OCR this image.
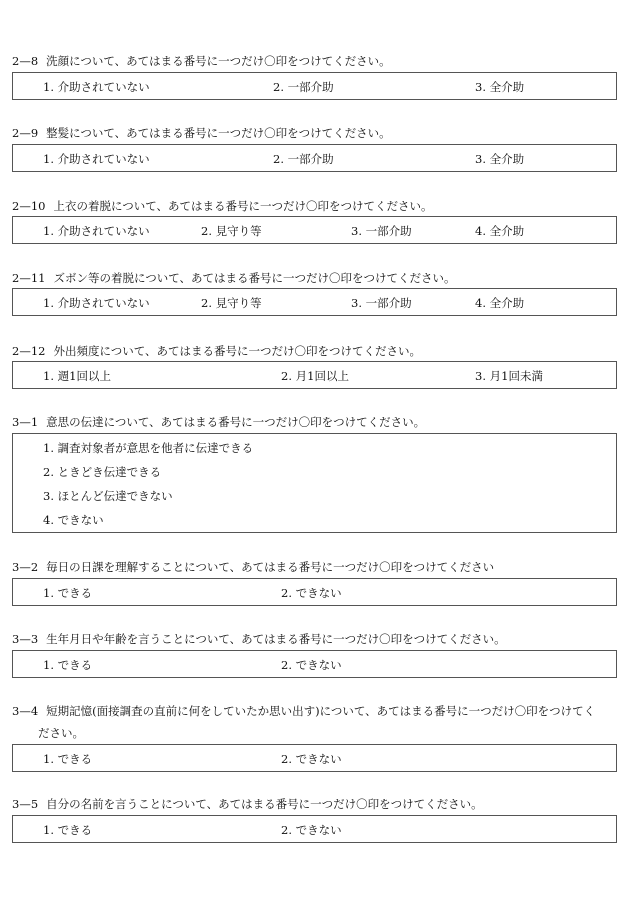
2—8 洗顔について、あてはまる番号に一つだけ〇印をつけてください。
1. 介助されていない	2. 一部介助	3. 全介助
2—9 整髪について、あてはまる番号に一つだけ〇印をつけてください。
1. 介助されていない	2. 一部介助	3. 全介助
2—10 上衣の着脱について、あてはまる番号に一つだけ〇印をつけてください。
1. 介助されていない	2. 見守り等	3. 一部介助	4. 全介助
2—11 ズボン等の着脱について、あてはまる番号に一つだけ〇印をつけてください。
1. 介助されていない	2. 見守り等	3. 一部介助	4. 全介助
2—12 外出頻度について、あてはまる番号に一つだけ〇印をつけてください。
1. 週1回以上	2. 月1回以上	3. 月1回未満
3—1 意思の伝達について、あてはまる番号に一つだけ〇印をつけてください。
1. 調査対象者が意思を他者に伝達できる
2. ときどき伝達できる
3. ほとんど伝達できない
4. できない
3—2 毎日の日課を理解することについて、あてはまる番号に一つだけ〇印をつけてください
1. できる	2. できない
3—3 生年月日や年齢を言うことについて、あてはまる番号に一つだけ〇印をつけてください。
1. できる	2. できない
3—4 短期記憶(面接調査の直前に何をしていたか思い出す)について、あてはまる番号に一つだけ〇印をつけてく
ださい。
1. できる	2. できない
3—5 自分の名前を言うことについて、あてはまる番号に一つだけ〇印をつけてください。
1. できる	2. できない
